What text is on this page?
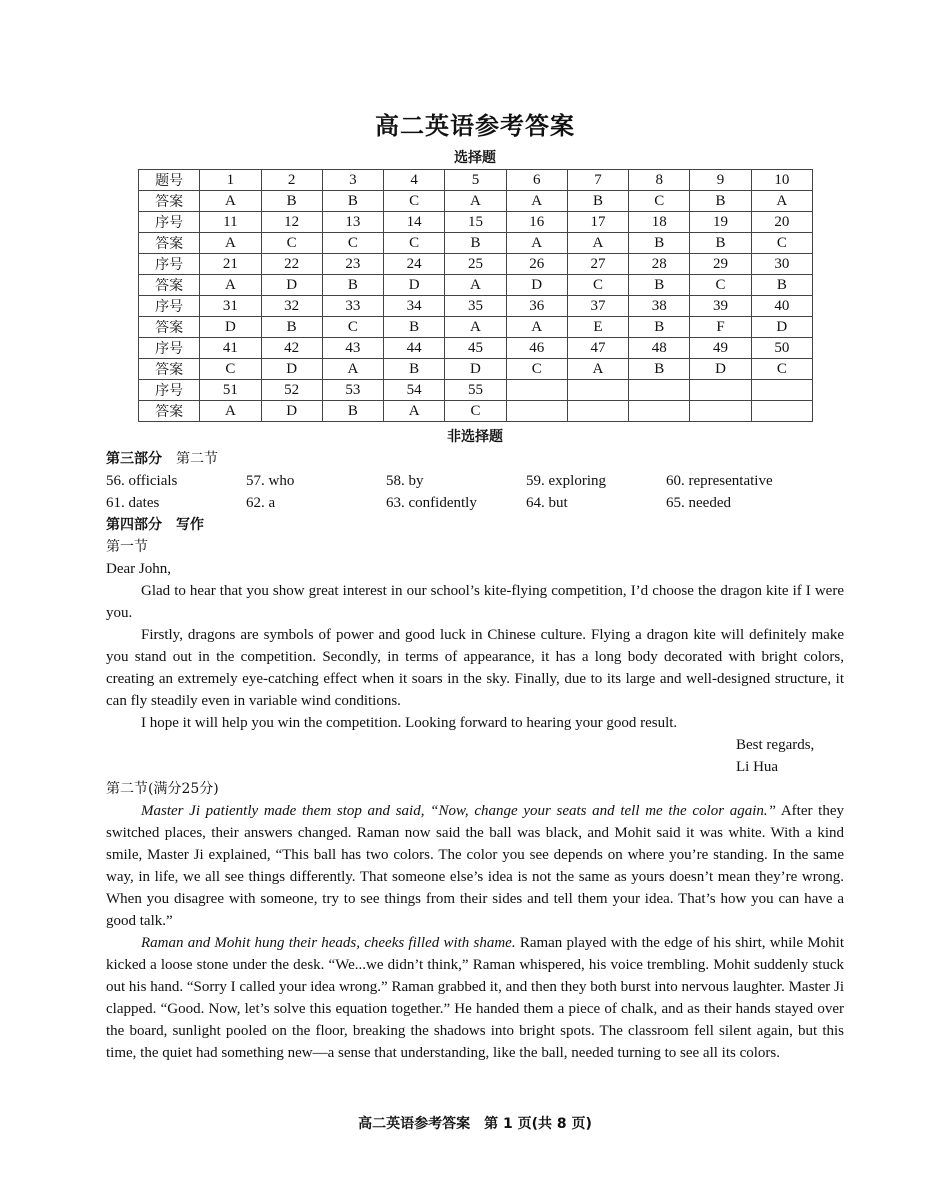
高二英语参考答案
选择题
题号	1	2	3	4	5	6	7	8	9	10
答案	A	B	B	C	A	A	B	C	B	A
序号	11	12	13	14	15	16	17	18	19	20
答案	A	C	C	C	B	A	A	B	B	C
序号	21	22	23	24	25	26	27	28	29	30
答案	A	D	B	D	A	D	C	B	C	B
序号	31	32	33	34	35	36	37	38	39	40
答案	D	B	C	B	A	A	E	B	F	D
序号	41	42	43	44	45	46	47	48	49	50
答案	C	D	A	B	D	C	A	B	D	C
序号	51	52	53	54	55					
答案	A	D	B	A	C					
非选择题
第三部分 第二节
56. officials	57. who	58. by	59. exploring	60. representative
61. dates	62. a	63. confidently	64. but	65. needed
第四部分 写作
第一节
Dear John,

Glad to hear that you show great interest in our school’s kite-flying competition, I’d choose the dragon kite if I were you.

Firstly, dragons are symbols of power and good luck in Chinese culture. Flying a dragon kite will definitely make you stand out in the competition. Secondly, in terms of appearance, it has a long body decorated with bright colors, creating an extremely eye-catching effect when it soars in the sky. Finally, due to its large and well-designed structure, it can fly steadily even in variable wind conditions.

I hope it will help you win the competition. Looking forward to hearing your good result.

Best regards,
Li Hua
第二节(满分25分)

Master Ji patiently made them stop and said, “Now, change your seats and tell me the color again.” After they switched places, their answers changed. Raman now said the ball was black, and Mohit said it was white. With a kind smile, Master Ji explained, “This ball has two colors. The color you see depends on where you’re standing. In the same way, in life, we all see things differently. That someone else’s idea is not the same as yours doesn’t mean they’re wrong. When you disagree with someone, try to see things from their sides and tell them your idea. That’s how you can have a good talk.”

Raman and Mohit hung their heads, cheeks filled with shame. Raman played with the edge of his shirt, while Mohit kicked a loose stone under the desk. “We...we didn’t think,” Raman whispered, his voice trembling. Mohit suddenly stuck out his hand. “Sorry I called your idea wrong.” Raman grabbed it, and then they both burst into nervous laughter. Master Ji clapped. “Good. Now, let’s solve this equation together.” He handed them a piece of chalk, and as their hands stayed over the board, sunlight pooled on the floor, breaking the shadows into bright spots. The classroom fell silent again, but this time, the quiet had something new—a sense that understanding, like the ball, needed turning to see all its colors.

高二英语参考答案　第 1 页(共 8 页)
